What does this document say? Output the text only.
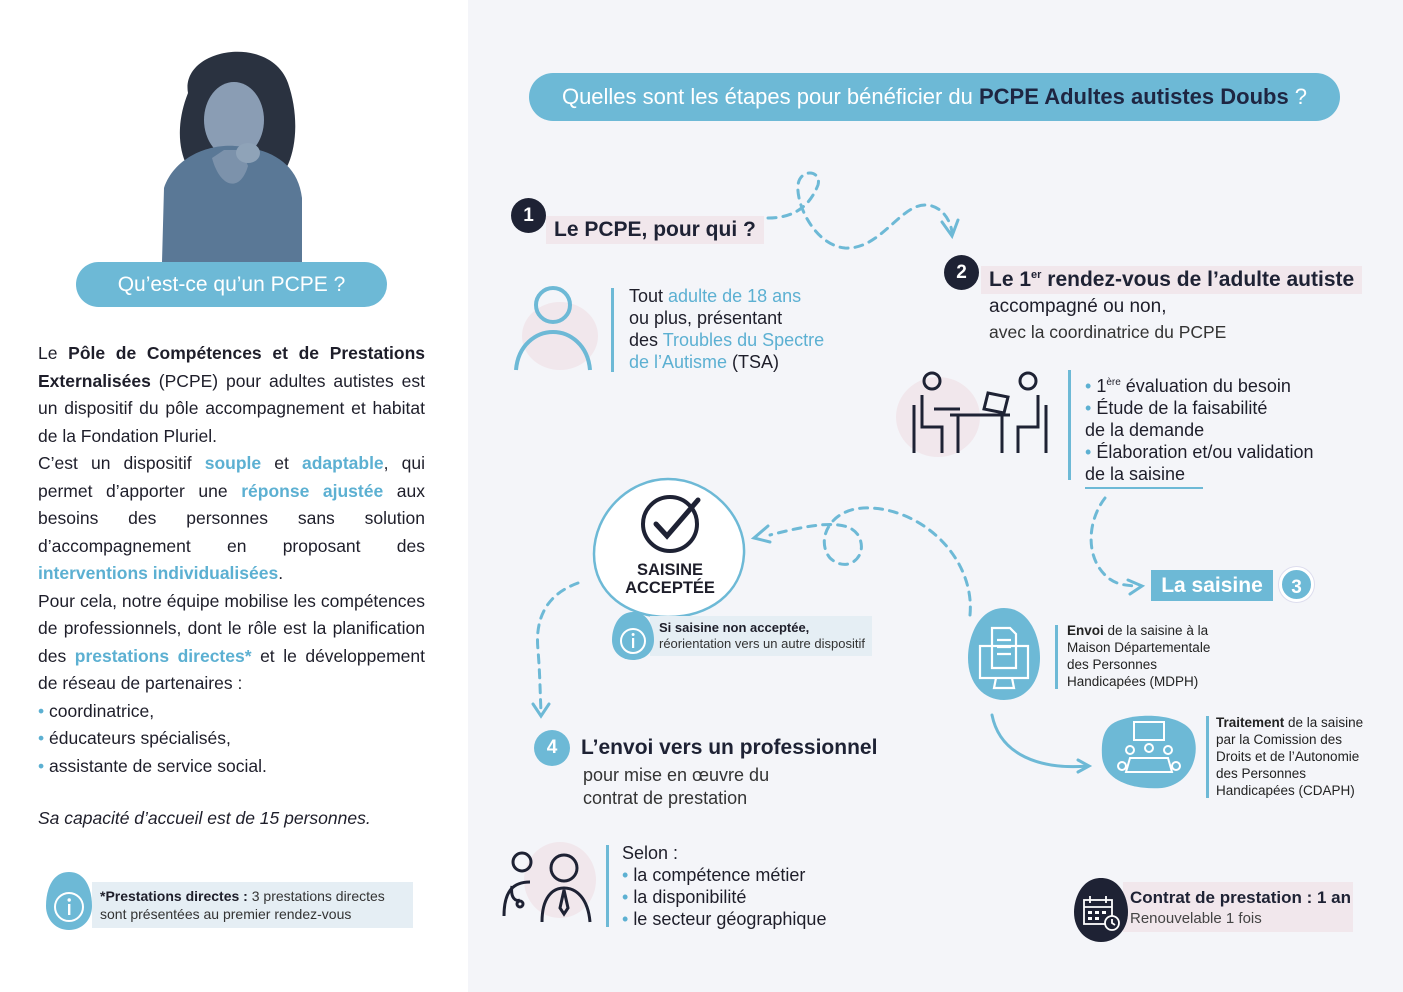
Qu’est-ce qu’un PCPE ?

Le Pôle de Compétences et de Prestations Externalisées (PCPE) pour adultes autistes est un dispositif du pôle accompagnement et habitat de la Fondation Pluriel.

C’est un dispositif souple et adaptable, qui permet d’apporter une réponse ajustée aux besoins des personnes sans solution d’accompagnement en proposant des interventions individualisées.

Pour cela, notre équipe mobilise les compétences de professionnels, dont le rôle est la planification des prestations directes* et le développement de réseau de partenaires :

• coordinatrice,
• éducateurs spécialisés,
• assistante de service social.
Sa capacité d’accueil est de 15 personnes.
*Prestations directes : 3 prestations directes
sont présentées au premier rendez-vous
Quelles sont les étapes pour bénéficier du PCPE Adultes autistes Doubs ?
1
Le PCPE, pour qui ?
Tout adulte de 18 ans
ou plus, présentant
des Troubles du Spectre
de l’Autisme (TSA)
2	Le 1er rendez-vous de l’adulte autiste
accompagné ou non,
avec la coordinatrice du PCPE
• 1ère évaluation du besoin
• Étude de la faisabilité
de la demande
• Élaboration et/ou validation
de la saisine
La saisine	3
Envoi de la saisine à la
Maison Départementale
des Personnes
Handicapées (MDPH)
Traitement de la saisine
par la Comission des
Droits et de l’Autonomie
des Personnes
Handicapées (CDAPH)
SAISINE
ACCEPTÉE
Si saisine non acceptée,
réorientation vers un autre dispositif
4	L’envoi vers un professionnel
pour mise en œuvre du
contrat de prestation
Selon :
• la compétence métier
• la disponibilité
• le secteur géographique
Contrat de prestation : 1 an
Renouvelable 1 fois
